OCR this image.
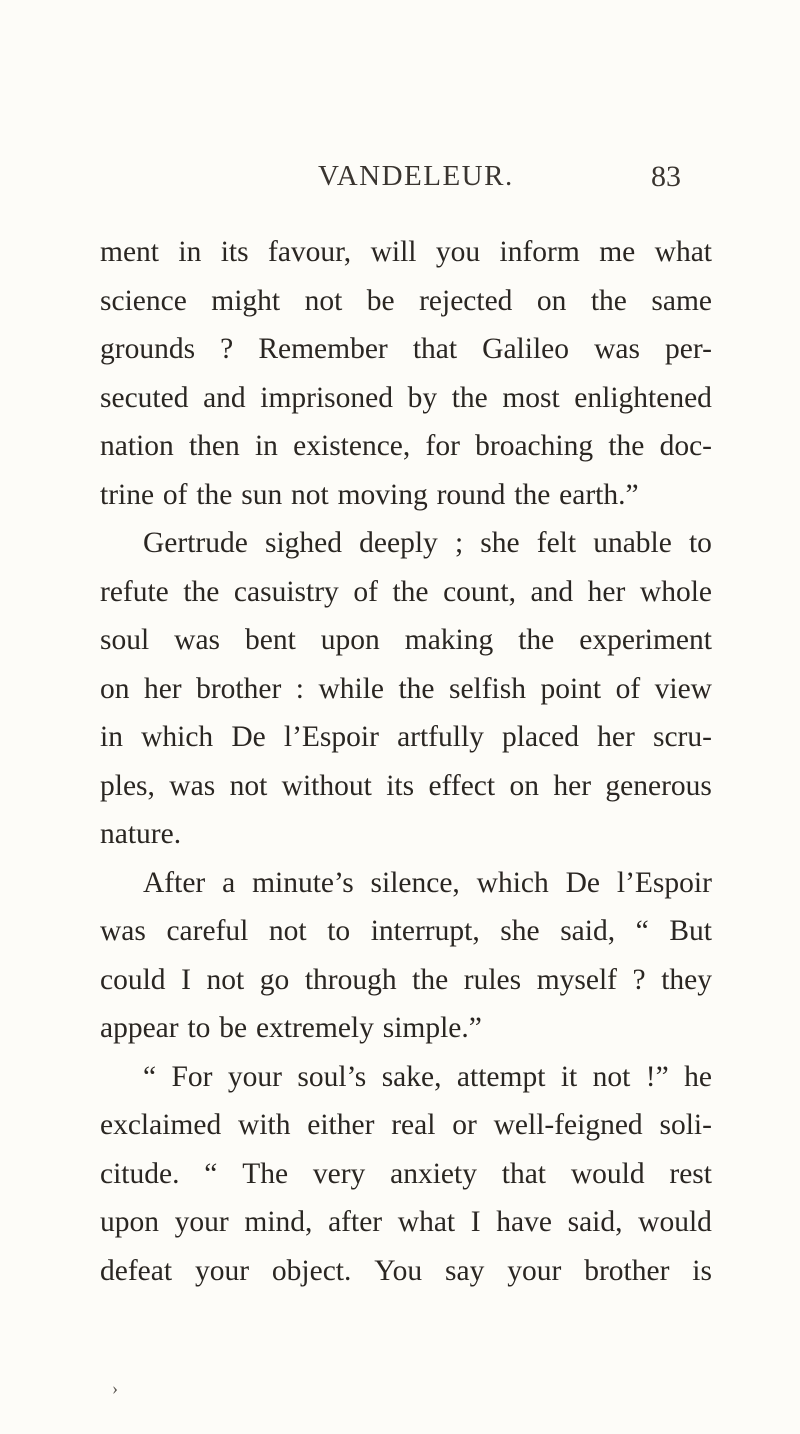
VANDELEUR.	83
ment in its favour, will you inform me what
science might not be rejected on the same
grounds ? Remember that Galileo was per-
secuted and imprisoned by the most enlightened
nation then in existence, for broaching the doc-
trine of the sun not moving round the earth.”
Gertrude sighed deeply ; she felt unable to
refute the casuistry of the count, and her whole
soul was bent upon making the experiment
on her brother : while the selfish point of view
in which De l’Espoir artfully placed her scru-
ples, was not without its effect on her generous
nature.
After a minute’s silence, which De l’Espoir
was careful not to interrupt, she said, “ But
could I not go through the rules myself ? they
appear to be extremely simple.”
“ For your soul’s sake, attempt it not !” he
exclaimed with either real or well-feigned soli-
citude. “ The very anxiety that would rest
upon your mind, after what I have said, would
defeat your object. You say your brother is
›
